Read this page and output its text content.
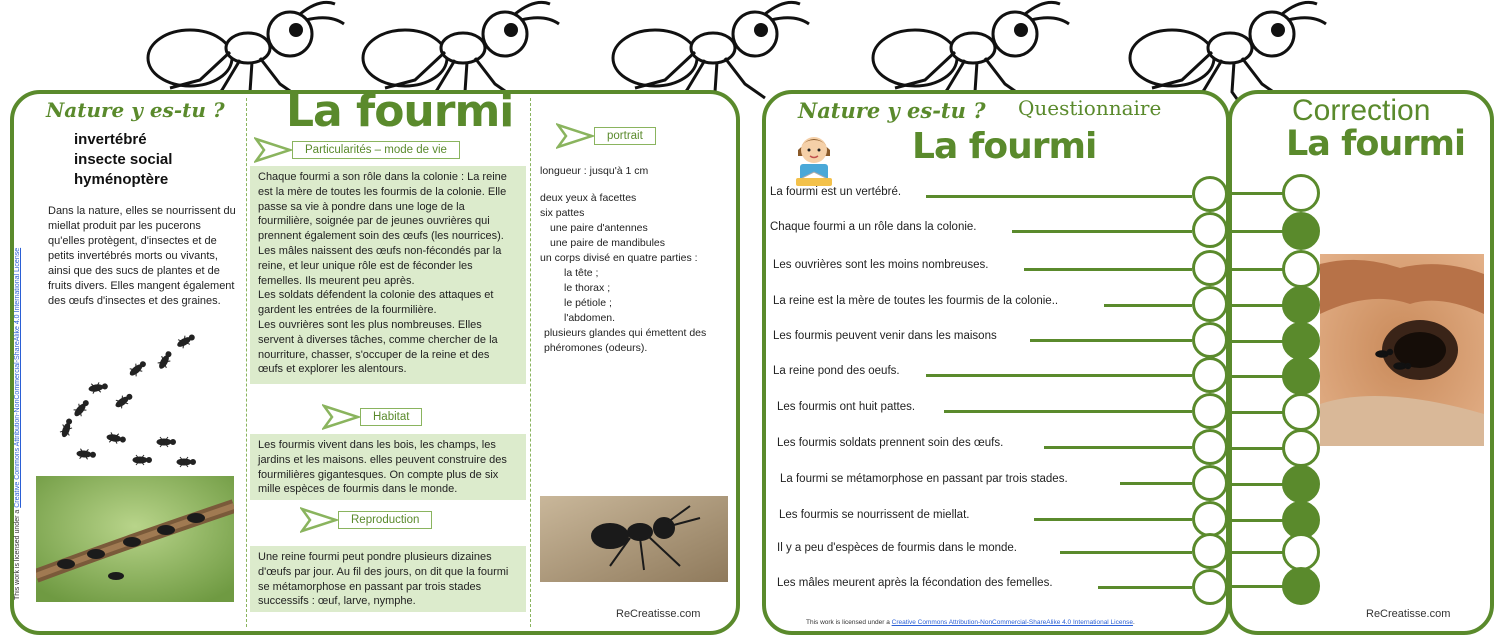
Nature y es-tu ? La fourmi
invertébré
insecte social
hyménoptère
Dans la nature, elles se nourrissent du miellat produit par les pucerons qu'elles protègent, d'insectes et de petits invertébrés morts ou vivants, ainsi que des sucs de plantes et de fruits divers. Elles mangent également des œufs d'insectes et des graines.
This work is licensed under a Creative Commons Attribution-NonCommercial-ShareAlike 4.0 International License
Particularités – mode de vie
Chaque fourmi a son rôle dans la colonie : La reine
est la mère de toutes les fourmis de la colonie. Elle
passe sa vie à pondre dans une loge de la
fourmilière, soignée par de jeunes ouvrières qui
prennent également soin des œufs (les nourrices).
Les mâles naissent des œufs non-fécondés par la
reine, et leur unique rôle est de féconder les
femelles. Ils meurent peu après.
Les soldats défendent la colonie des attaques et
gardent les entrées de la fourmilière.
Les ouvrières sont les plus nombreuses. Elles
servent à diverses tâches, comme chercher de la
nourriture, chasser, s'occuper de la reine et des
œufs et explorer les alentours.
Habitat
Les fourmis vivent dans les bois, les champs, les
jardins et les maisons. elles peuvent construire des
fourmilières gigantesques. On compte plus de six
mille espèces de fourmis dans le monde.
Reproduction
Une reine fourmi peut pondre plusieurs dizaines
d'œufs par jour. Au fil des jours, on dit que la fourmi
se métamorphose en passant par trois stades
successifs : œuf, larve, nymphe.
portrait
longueur : jusqu'à 1 cm
deux yeux à facettes
six pattes
une paire d'antennes
une paire de mandibules
un corps divisé en quatre parties :
la tête ;
le thorax ;
le pétiole ;
l'abdomen.
plusieurs glandes qui émettent des
phéromones (odeurs).
ReCreatisse.com
Nature y es-tu ? Questionnaire
La fourmi
La fourmi est un vertébré.
Chaque fourmi a un rôle dans la colonie.
Les ouvrières sont les moins nombreuses.
La reine est la mère de toutes les fourmis de la colonie..
Les fourmis peuvent venir dans les maisons
La reine pond des oeufs.
Les fourmis ont huit pattes.
Les fourmis soldats prennent soin des œufs.
La fourmi se métamorphose en passant par trois stades.
Les fourmis se nourrissent de miellat.
Il y a peu d'espèces de fourmis dans le monde.
Les mâles meurent après la fécondation des femelles.
This work is licensed under a Creative Commons Attribution-NonCommercial-ShareAlike 4.0 International License.
Correction
La fourmi
ReCreatisse.com
